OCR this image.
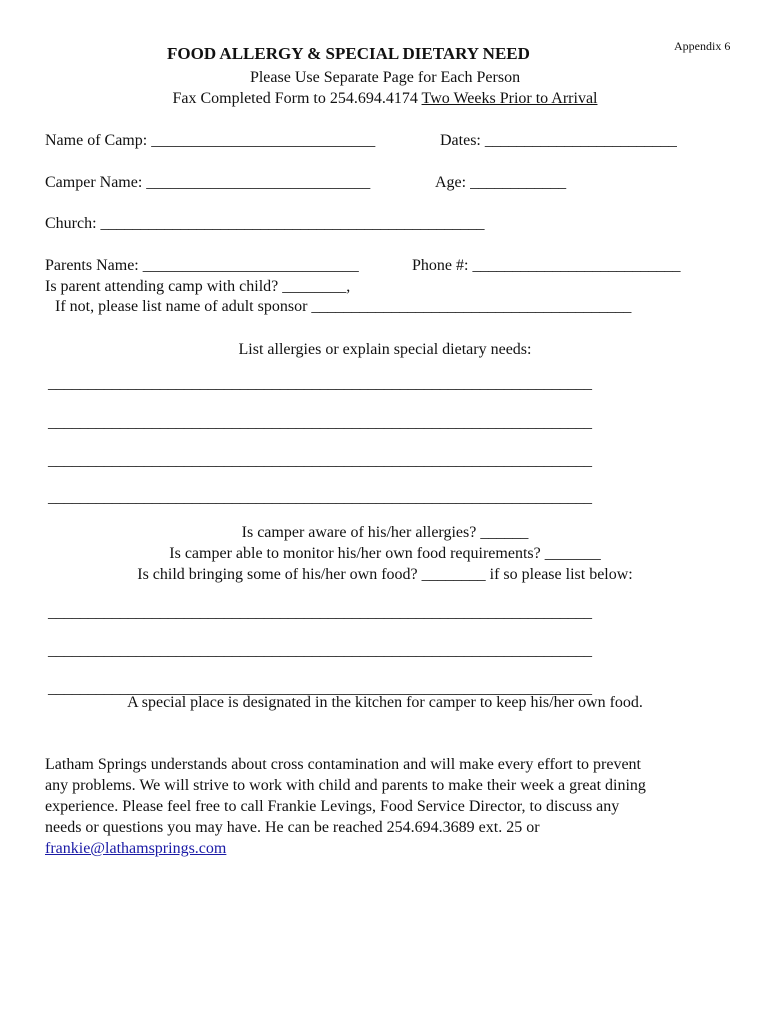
Appendix 6
FOOD ALLERGY & SPECIAL DIETARY NEED
Please Use Separate Page for Each Person
Fax Completed Form to 254.694.4174 Two Weeks Prior to Arrival
Name of Camp: ____________________________	Dates: ________________________
Camper Name: ____________________________	Age: ____________
Church: ________________________________________________
Parents Name: ___________________________	Phone #: __________________________
Is parent attending camp with child? ________,
If not, please list name of adult sponsor ________________________________________
List allergies or explain special dietary needs:
____________________________________________________________________
____________________________________________________________________
____________________________________________________________________
____________________________________________________________________
Is camper aware of his/her allergies? ______
Is camper able to monitor his/her own food requirements? _______
Is child bringing some of his/her own food? ________ if so please list below:
____________________________________________________________________
____________________________________________________________________
____________________________________________________________________
A special place is designated in the kitchen for camper to keep his/her own food.
Latham Springs understands about cross contamination and will make every effort to prevent
any problems. We will strive to work with child and parents to make their week a great dining
experience. Please feel free to call Frankie Levings, Food Service Director, to discuss any
needs or questions you may have. He can be reached 254.694.3689 ext. 25 or
frankie@lathamsprings.com
